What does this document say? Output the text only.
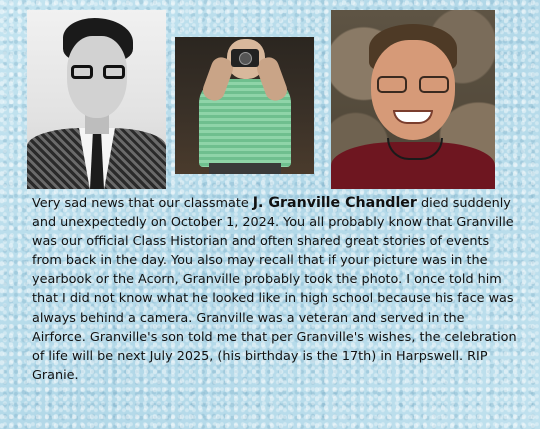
Very sad news that our classmate J. Granville Chandler died suddenly and unexpectedly on October 1, 2024. You all probably know that Granville was our official Class Historian and often shared great stories of events from back in the day. You also may recall that if your picture was in the yearbook or the Acorn, Granville probably took the photo. I once told him that I did not know what he looked like in high school because his face was always behind a camera. Granville was a veteran and served in the Airforce. Granville's son told me that per Granville's wishes, the celebration of life will be next July 2025, (his birthday is the 17th) in Harpswell. RIP Granie.
